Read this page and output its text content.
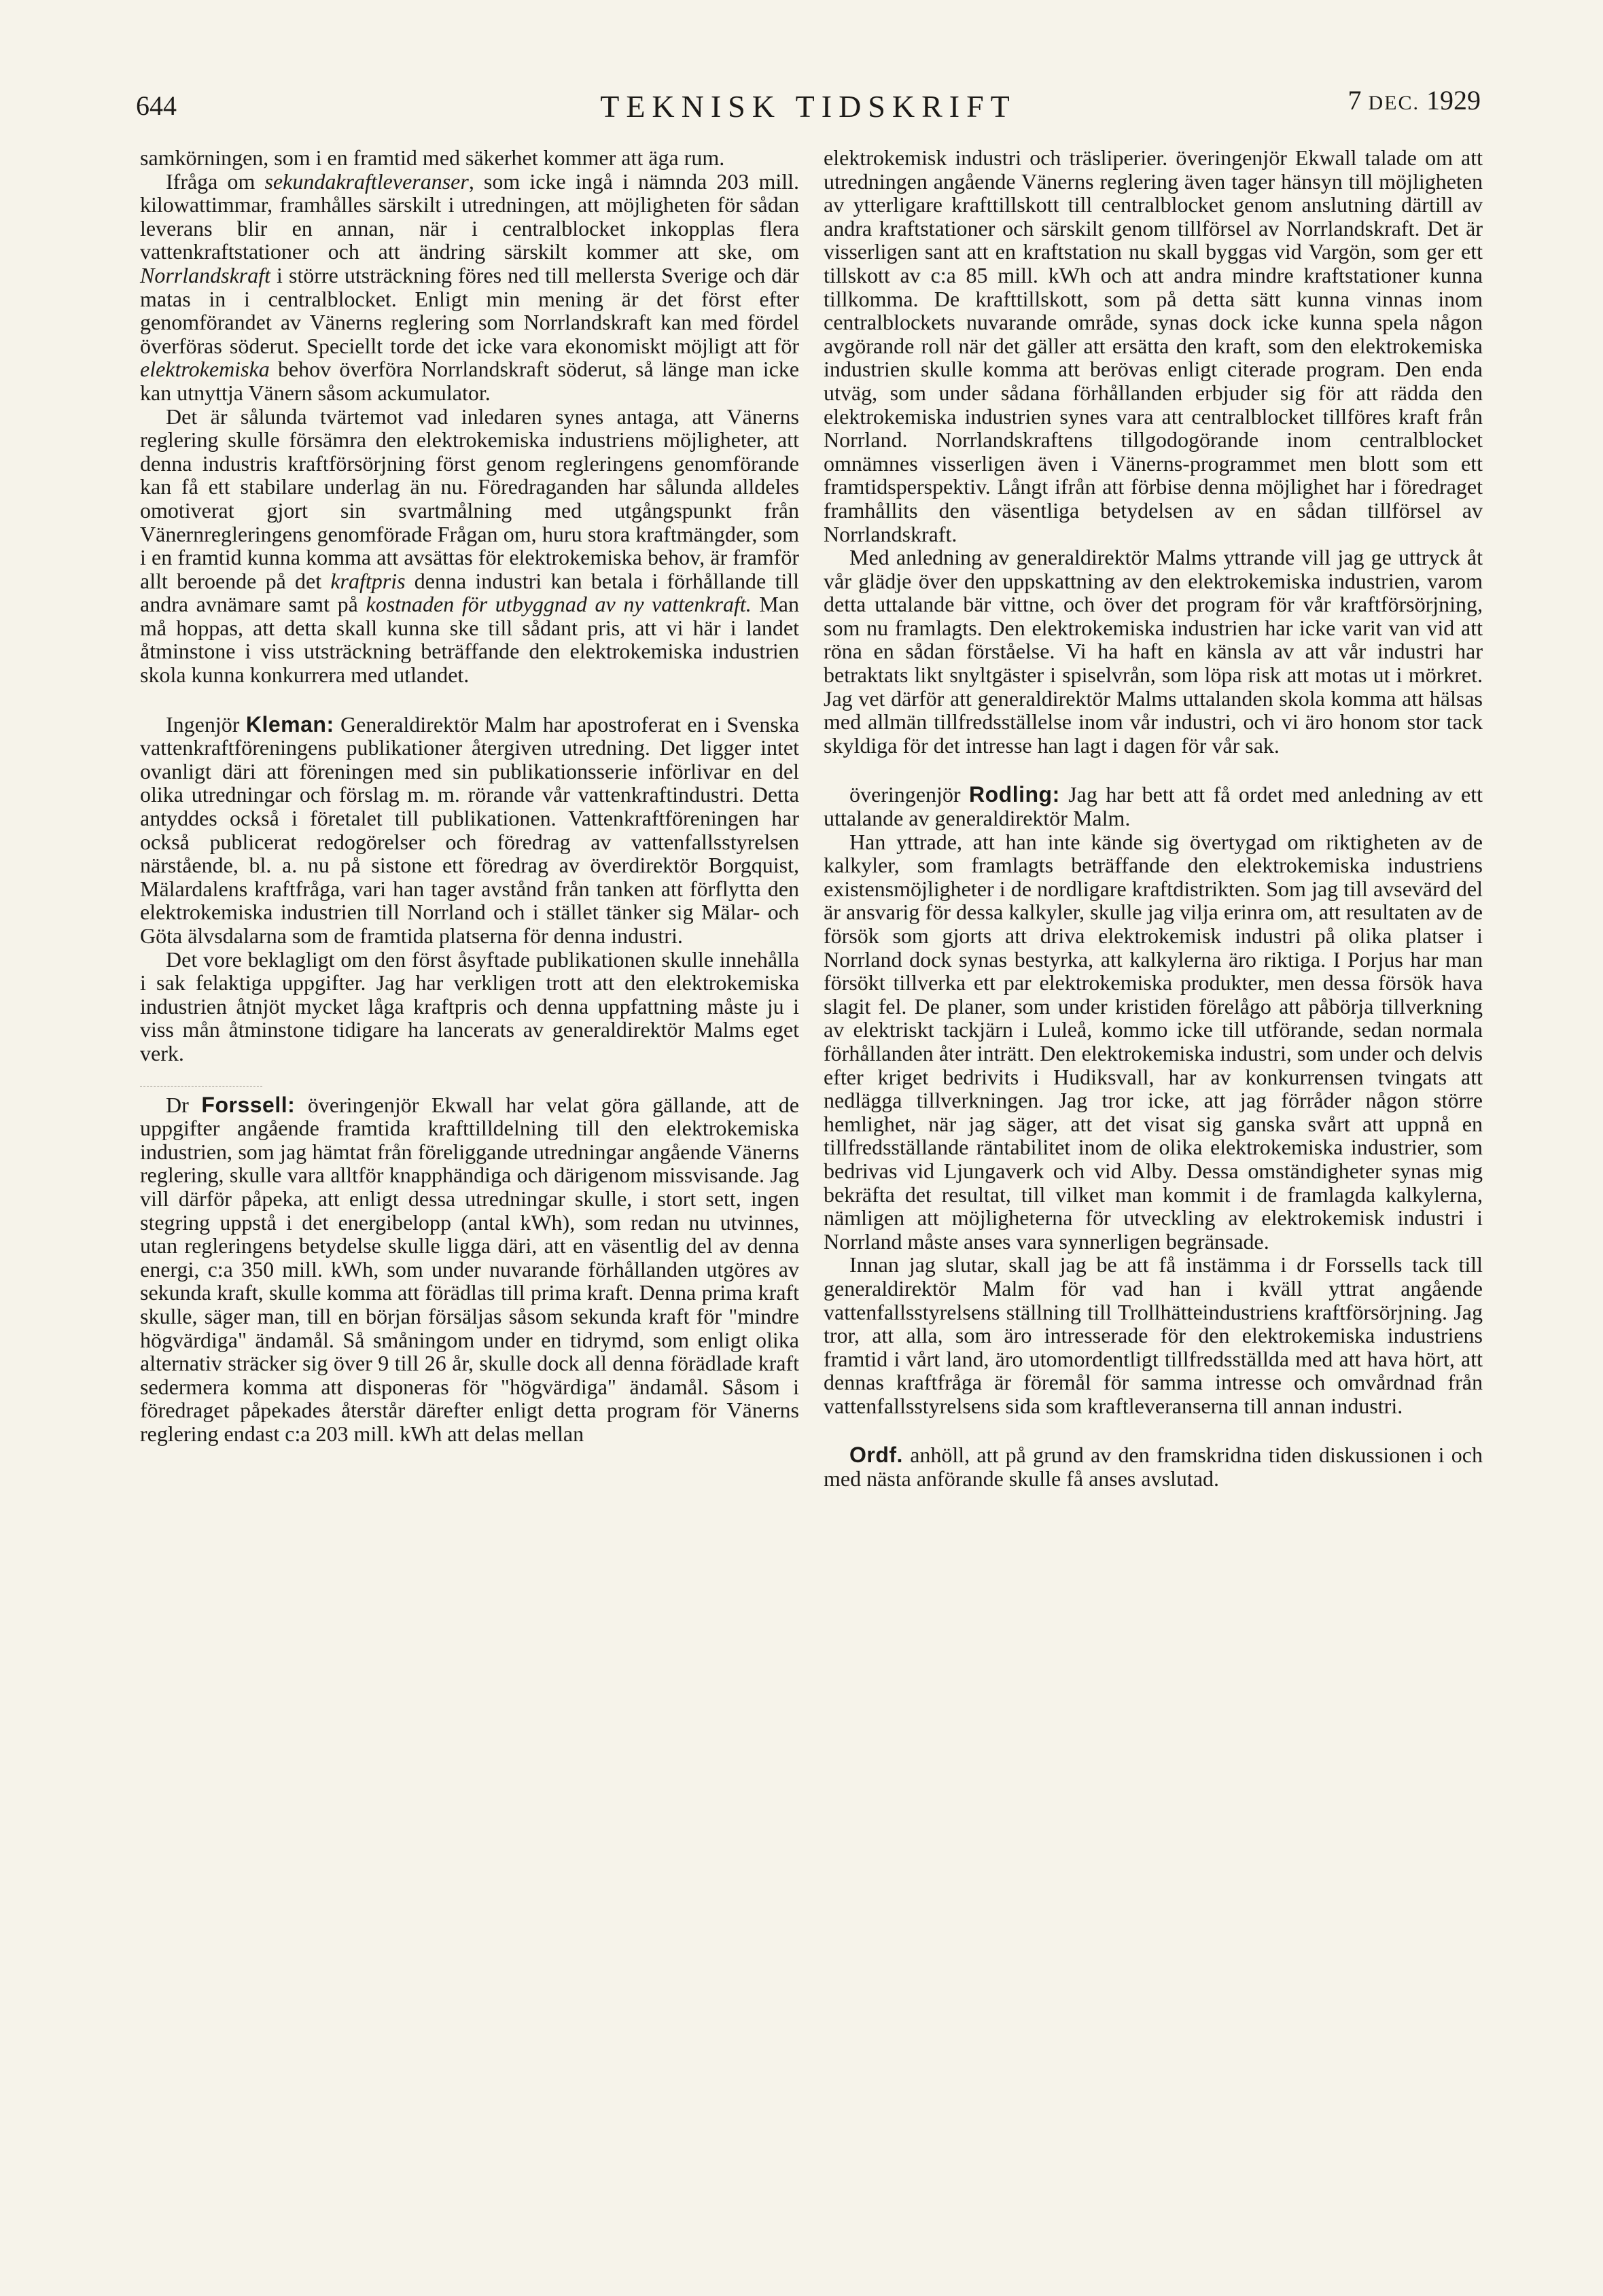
644	TEKNISK TIDSKRIFT	7 DEC. 1929

samkörningen, som i en framtid med säkerhet kommer att äga rum.

Ifråga om sekundakraftleveranser, som icke ingå i nämnda 203 mill. kilowattimmar, framhålles särskilt i utredningen, att möjligheten för sådan leverans blir en annan, när i centralblocket inkopplas flera vattenkraftstationer och att ändring särskilt kommer att ske, om Norrlandskraft i större utsträckning föres ned till mellersta Sverige och där matas in i centralblocket. Enligt min mening är det först efter genomförandet av Vänerns reglering som Norrlandskraft kan med fördel överföras söderut. Speciellt torde det icke vara ekonomiskt möjligt att för elektrokemiska behov överföra Norrlandskraft söderut, så länge man icke kan utnyttja Vänern såsom ackumulator.

Det är sålunda tvärtemot vad inledaren synes antaga, att Vänerns reglering skulle försämra den elektrokemiska industriens möjligheter, att denna industris kraftförsörjning först genom regleringens genomförande kan få ett stabilare underlag än nu. Föredraganden har sålunda alldeles omotiverat gjort sin svartmålning med utgångspunkt från Vänernregleringens genomförade Frågan om, huru stora kraftmängder, som i en framtid kunna komma att avsättas för elektrokemiska behov, är framför allt beroende på det kraftpris denna industri kan betala i förhållande till andra avnämare samt på kostnaden för utbyggnad av ny vattenkraft. Man må hoppas, att detta skall kunna ske till sådant pris, att vi här i landet åtminstone i viss utsträckning beträffande den elektrokemiska industrien skola kunna konkurrera med utlandet.

Ingenjör Kleman: Generaldirektör Malm har apostroferat en i Svenska vattenkraftföreningens publikationer återgiven utredning. Det ligger intet ovanligt däri att föreningen med sin publikationsserie införlivar en del olika utredningar och förslag m. m. rörande vår vattenkraftindustri. Detta antyddes också i företalet till publikationen. Vattenkraftföreningen har också publicerat redogörelser och föredrag av vattenfallsstyrelsen närstående, bl. a. nu på sistone ett föredrag av överdirektör Borgquist, Mälardalens kraftfråga, vari han tager avstånd från tanken att förflytta den elektrokemiska industrien till Norrland och i stället tänker sig Mälar- och Göta älvsdalarna som de framtida platserna för denna industri.

Det vore beklagligt om den först åsyftade publikationen skulle innehålla i sak felaktiga uppgifter. Jag har verkligen trott att den elektrokemiska industrien åtnjöt mycket låga kraftpris och denna uppfattning måste ju i viss mån åtminstone tidigare ha lancerats av generaldirektör Malms eget verk.

Dr Forssell: överingenjör Ekwall har velat göra gällande, att de uppgifter angående framtida krafttilldelning till den elektrokemiska industrien, som jag hämtat från föreliggande utredningar angående Vänerns reglering, skulle vara alltför knapphändiga och därigenom missvisande. Jag vill därför påpeka, att enligt dessa utredningar skulle, i stort sett, ingen stegring uppstå i det energibelopp (antal kWh), som redan nu utvinnes, utan regleringens betydelse skulle ligga däri, att en väsentlig del av denna energi, c:a 350 mill. kWh, som under nuvarande förhållanden utgöres av sekunda kraft, skulle komma att förädlas till prima kraft. Denna prima kraft skulle, säger man, till en början försäljas såsom sekunda kraft för "mindre högvärdiga" ändamål. Så småningom under en tidrymd, som enligt olika alternativ sträcker sig över 9 till 26 år, skulle dock all denna förädlade kraft sedermera komma att disponeras för "högvärdiga" ändamål. Såsom i föredraget påpekades återstår därefter enligt detta program för Vänerns reglering endast c:a 203 mill. kWh att delas mellan

elektrokemisk industri och träsliperier. överingenjör Ekwall talade om att utredningen angående Vänerns reglering även tager hänsyn till möjligheten av ytterligare krafttillskott till centralblocket genom anslutning därtill av andra kraftstationer och särskilt genom tillförsel av Norrlandskraft. Det är visserligen sant att en kraftstation nu skall byggas vid Vargön, som ger ett tillskott av c:a 85 mill. kWh och att andra mindre kraftstationer kunna tillkomma. De krafttillskott, som på detta sätt kunna vinnas inom centralblockets nuvarande område, synas dock icke kunna spela någon avgörande roll när det gäller att ersätta den kraft, som den elektrokemiska industrien skulle komma att berövas enligt citerade program. Den enda utväg, som under sådana förhållanden erbjuder sig för att rädda den elektrokemiska industrien synes vara att centralblocket tillföres kraft från Norrland. Norrlandskraftens tillgodogörande inom centralblocket omnämnes visserligen även i Vänerns-programmet men blott som ett framtidsperspektiv. Långt ifrån att förbise denna möjlighet har i föredraget framhållits den väsentliga betydelsen av en sådan tillförsel av Norrlandskraft.

Med anledning av generaldirektör Malms yttrande vill jag ge uttryck åt vår glädje över den uppskattning av den elektrokemiska industrien, varom detta uttalande bär vittne, och över det program för vår kraftförsörjning, som nu framlagts. Den elektrokemiska industrien har icke varit van vid att röna en sådan förståelse. Vi ha haft en känsla av att vår industri har betraktats likt snyltgäster i spiselvrån, som löpa risk att motas ut i mörkret. Jag vet därför att generaldirektör Malms uttalanden skola komma att hälsas med allmän tillfredsställelse inom vår industri, och vi äro honom stor tack skyldiga för det intresse han lagt i dagen för vår sak.

överingenjör Rodling: Jag har bett att få ordet med anledning av ett uttalande av generaldirektör Malm.

Han yttrade, att han inte kände sig övertygad om riktigheten av de kalkyler, som framlagts beträffande den elektrokemiska industriens existensmöjligheter i de nordligare kraftdistrikten. Som jag till avsevärd del är ansvarig för dessa kalkyler, skulle jag vilja erinra om, att resultaten av de försök som gjorts att driva elektrokemisk industri på olika platser i Norrland dock synas bestyrka, att kalkylerna äro riktiga. I Porjus har man försökt tillverka ett par elektrokemiska produkter, men dessa försök hava slagit fel. De planer, som under kristiden förelågo att påbörja tillverkning av elektriskt tackjärn i Luleå, kommo icke till utförande, sedan normala förhållanden åter inträtt. Den elektrokemiska industri, som under och delvis efter kriget bedrivits i Hudiksvall, har av konkurrensen tvingats att nedlägga tillverkningen. Jag tror icke, att jag förråder någon större hemlighet, när jag säger, att det visat sig ganska svårt att uppnå en tillfredsställande räntabilitet inom de olika elektrokemiska industrier, som bedrivas vid Ljungaverk och vid Alby. Dessa omständigheter synas mig bekräfta det resultat, till vilket man kommit i de framlagda kalkylerna, nämligen att möjligheterna för utveckling av elektrokemisk industri i Norrland måste anses vara synnerligen begränsade.

Innan jag slutar, skall jag be att få instämma i dr Forssells tack till generaldirektör Malm för vad han i kväll yttrat angående vattenfallsstyrelsens ställning till Trollhätteindustriens kraftförsörjning. Jag tror, att alla, som äro intresserade för den elektrokemiska industriens framtid i vårt land, äro utomordentligt tillfredsställda med att hava hört, att dennas kraftfråga är föremål för samma intresse och omvårdnad från vattenfallsstyrelsens sida som kraftleveranserna till annan industri.

Ordf. anhöll, att på grund av den framskridna tiden diskussionen i och med nästa anförande skulle få anses avslutad.
